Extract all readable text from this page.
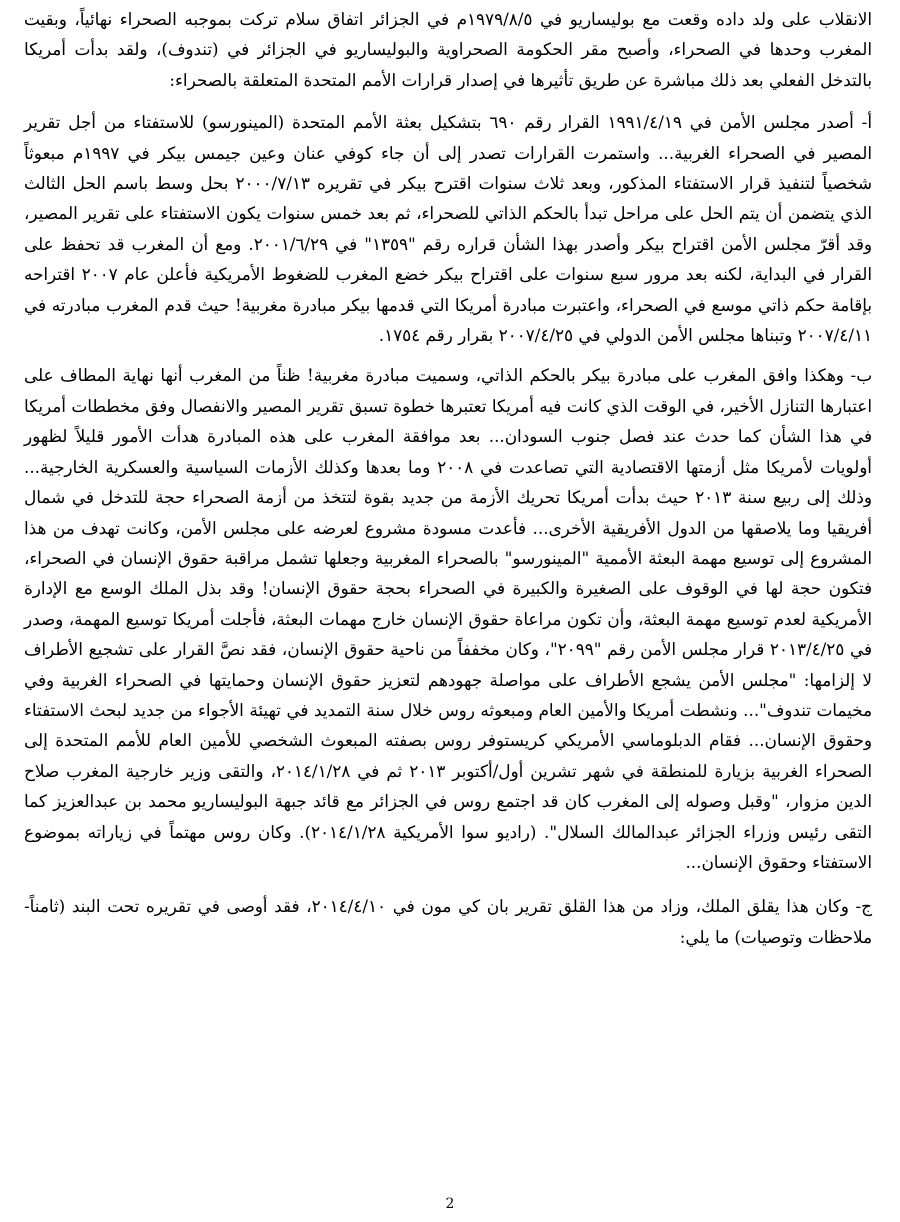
الانقلاب على ولد داده وقعت مع بوليساريو في ١٩٧٩/٨/٥م في الجزائر اتفاق سلام تركت بموجبه الصحراء نهائياً، وبقيت المغرب وحدها في الصحراء، وأصبح مقر الحكومة الصحراوية والبوليساريو في الجزائر في (تندوف)، ولقد بدأت أمريكا بالتدخل الفعلي بعد ذلك مباشرة عن طريق تأثيرها في إصدار قرارات الأمم المتحدة المتعلقة بالصحراء:

أ- أصدر مجلس الأمن في ١٩٩١/٤/١٩ القرار رقم ٦٩٠ بتشكيل بعثة الأمم المتحدة (المينورسو) للاستفتاء من أجل تقرير المصير في الصحراء الغربية... واستمرت القرارات تصدر إلى أن جاء كوفي عنان وعين جيمس بيكر في ١٩٩٧م مبعوثاً شخصياً لتنفيذ قرار الاستفتاء المذكور، وبعد ثلاث سنوات اقترح بيكر في تقريره ٢٠٠٠/٧/١٣ بحل وسط باسم الحل الثالث الذي يتضمن أن يتم الحل على مراحل تبدأ بالحكم الذاتي للصحراء، ثم بعد خمس سنوات يكون الاستفتاء على تقرير المصير، وقد أقرّ مجلس الأمن اقتراح بيكر وأصدر بهذا الشأن قراره رقم "١٣٥٩" في ٢٠٠١/٦/٢٩. ومع أن المغرب قد تحفظ على القرار في البداية، لكنه بعد مرور سبع سنوات على اقتراح بيكر خضع المغرب للضغوط الأمريكية فأعلن عام ٢٠٠٧ اقتراحه بإقامة حكم ذاتي موسع في الصحراء، واعتبرت مبادرة أمريكا التي قدمها بيكر مبادرة مغربية! حيث قدم المغرب مبادرته في ٢٠٠٧/٤/١١ وتبناها مجلس الأمن الدولي في ٢٠٠٧/٤/٢٥ بقرار رقم ١٧٥٤.

ب- وهكذا وافق المغرب على مبادرة بيكر بالحكم الذاتي، وسميت مبادرة مغربية! ظناً من المغرب أنها نهاية المطاف على اعتبارها التنازل الأخير، في الوقت الذي كانت فيه أمريكا تعتبرها خطوة تسبق تقرير المصير والانفصال وفق مخططات أمريكا في هذا الشأن كما حدث عند فصل جنوب السودان... بعد موافقة المغرب على هذه المبادرة هدأت الأمور قليلاً لظهور أولويات لأمريكا مثل أزمتها الاقتصادية التي تصاعدت في ٢٠٠٨ وما بعدها وكذلك الأزمات السياسية والعسكرية الخارجية... وذلك إلى ربيع سنة ٢٠١٣ حيث بدأت أمريكا تحريك الأزمة من جديد بقوة لتتخذ من أزمة الصحراء حجة للتدخل في شمال أفريقيا وما يلاصقها من الدول الأفريقية الأخرى... فأعدت مسودة مشروع لعرضه على مجلس الأمن، وكانت تهدف من هذا المشروع إلى توسيع مهمة البعثة الأممية "المينورسو" بالصحراء المغربية وجعلها تشمل مراقبة حقوق الإنسان في الصحراء، فتكون حجة لها في الوقوف على الصغيرة والكبيرة في الصحراء بحجة حقوق الإنسان! وقد بذل الملك الوسع مع الإدارة الأمريكية لعدم توسيع مهمة البعثة، وأن تكون مراعاة حقوق الإنسان خارج مهمات البعثة، فأجلت أمريكا توسيع المهمة، وصدر في ٢٠١٣/٤/٢٥ قرار مجلس الأمن رقم "٢٠٩٩"، وكان مخففاً من ناحية حقوق الإنسان، فقد نصَّ القرار على تشجيع الأطراف لا إلزامها: "مجلس الأمن يشجع الأطراف على مواصلة جهودهم لتعزيز حقوق الإنسان وحمايتها في الصحراء الغربية وفي مخيمات تندوف"... ونشطت أمريكا والأمين العام ومبعوثه روس خلال سنة التمديد في تهيئة الأجواء من جديد لبحث الاستفتاء وحقوق الإنسان... فقام الدبلوماسي الأمريكي كريستوفر روس بصفته المبعوث الشخصي للأمين العام للأمم المتحدة إلى الصحراء الغربية بزيارة للمنطقة في شهر تشرين أول/أكتوبر ٢٠١٣ ثم في ٢٠١٤/١/٢٨، والتقى وزير خارجية المغرب صلاح الدين مزوار، "وقبل وصوله إلى المغرب كان قد اجتمع روس في الجزائر مع قائد جبهة البوليساريو محمد بن عبدالعزيز كما التقى رئيس وزراء الجزائر عبدالمالك السلال". (راديو سوا الأمريكية ٢٠١٤/١/٢٨). وكان روس مهتماً في زياراته بموضوع الاستفتاء وحقوق الإنسان...

ج- وكان هذا يقلق الملك، وزاد من هذا القلق تقرير بان كي مون في ٢٠١٤/٤/١٠، فقد أوصى في تقريره تحت البند (ثامناً- ملاحظات وتوصيات) ما يلي:

2
